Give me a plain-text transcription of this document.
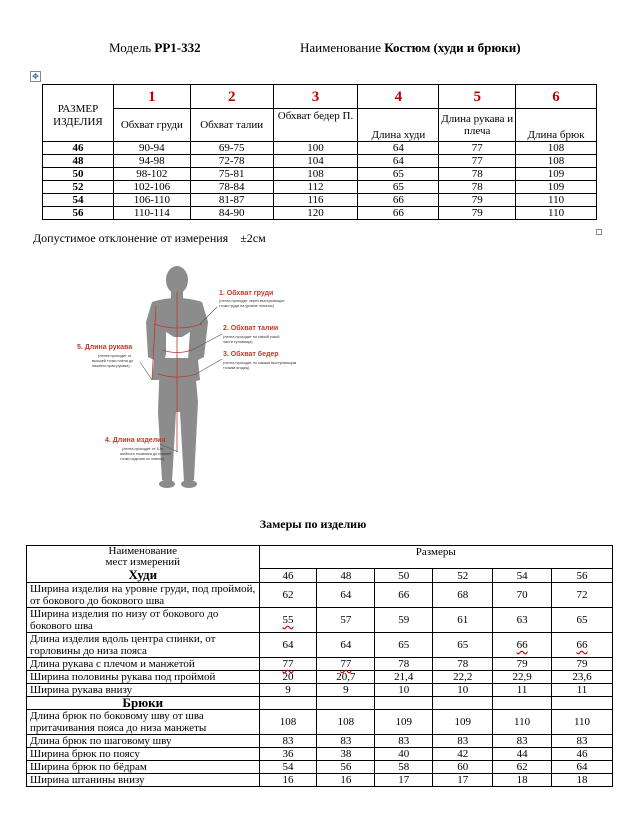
Модель PP1-332	Наименование Костюм (худи и брюки)
✥
РАЗМЕР ИЗДЕЛИЯ	1	2	3	4	5	6
	Обхват груди	Обхват талии	Обхват бедер П.	Длина худи	Длина рукава и плеча	Длина брюк
46	90-94	69-75	100	64	77	108
48	94-98	72-78	104	64	77	108
50	98-102	75-81	108	65	78	109
52	102-106	78-84	112	65	78	109
54	106-110	81-87	116	66	79	110
56	110-114	84-90	120	66	79	110
Допустимое отклонение от измерения ±2см
1. Обхват груди
(лента проходит через выступающие
точки груди на уровне лопаток)
2. Обхват талии
(лента проходит по самой узкой
части туловища)
3. Обхват бедер
(лента проходит по самым выступающим
точкам ягодиц)
5. Длина рукава
(лента проходит от
высшей точки плеча до
нижнего края рукава)
4. Длина изделия
(лента проходит от 6-го
шейного позвонка до нижней
точки изделия по спинке)
Замеры по изделию
Наименование
мест измерений
Худи	Размеры					
	46	48	50	52	54	56
Ширина изделия на уровне груди, под проймой, от бокового до бокового шва	62	64	66	68	70	72
Ширина изделия по низу от бокового до бокового шва	55	57	59	61	63	65
Длина изделия вдоль центра спинки, от горловины до низа пояса	64	64	65	65	66	66
Длина рукава с плечом и манжетой	77	77	78	78	79	79
Ширина половины рукава под проймой	20	20,7	21,4	22,2	22,9	23,6
Ширина рукава внизу	9	9	10	10	11	11
Брюки						
Длина брюк по боковому шву от шва притачивания пояса до низа манжеты	108	108	109	109	110	110
Длина брюк по шаговому шву	83	83	83	83	83	83
Ширина брюк по поясу	36	38	40	42	44	46
Ширина брюк по бёдрам	54	56	58	60	62	64
Ширина штанины внизу	16	16	17	17	18	18
